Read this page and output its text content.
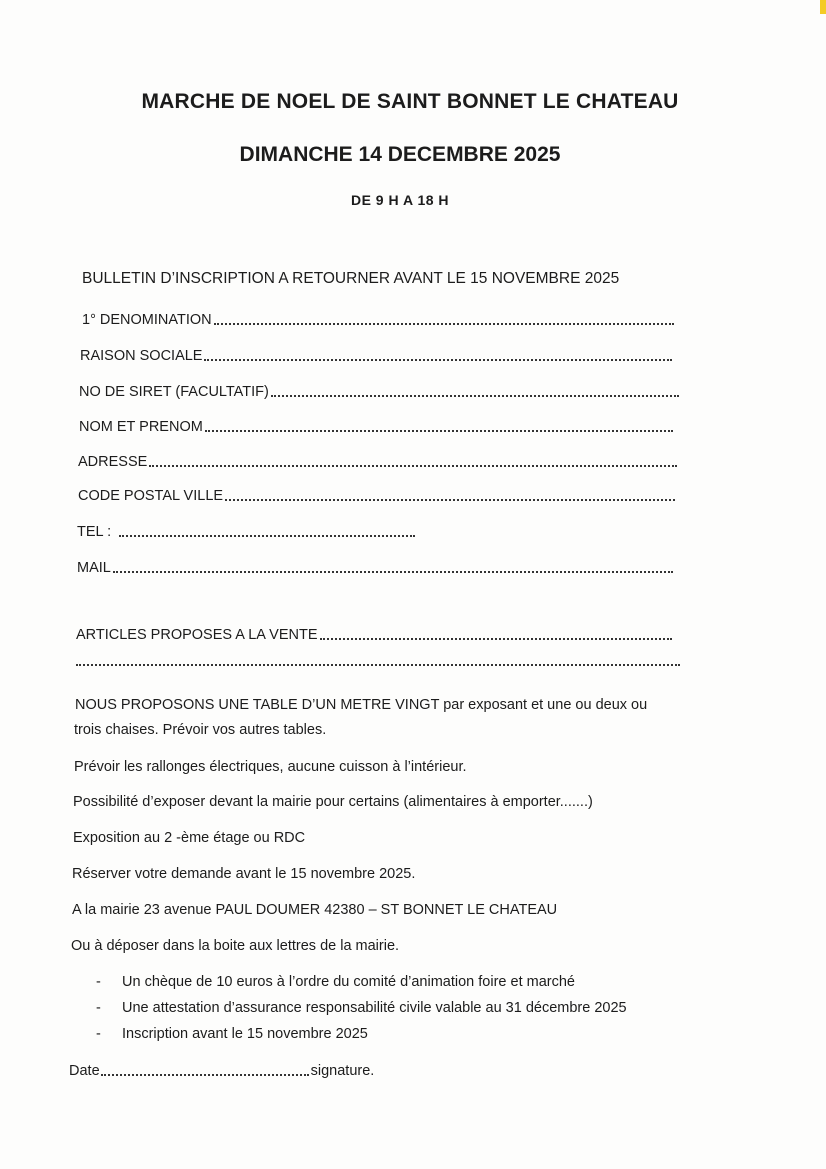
MARCHE DE NOEL DE SAINT BONNET LE CHATEAU
DIMANCHE 14 DECEMBRE 2025
DE 9 H A 18 H
BULLETIN D’INSCRIPTION A RETOURNER AVANT LE 15 NOVEMBRE 2025
1° DENOMINATION
RAISON SOCIALE
NO DE SIRET (FACULTATIF)
NOM ET PRENOM
ADRESSE
CODE POSTAL VILLE
TEL :
MAIL
ARTICLES PROPOSES A LA VENTE
NOUS PROPOSONS UNE TABLE D’UN METRE VINGT par exposant et une ou deux ou
trois chaises. Prévoir vos autres tables.
Prévoir les rallonges électriques, aucune cuisson à l’intérieur.
Possibilité d’exposer devant la mairie pour certains (alimentaires à emporter.......)
Exposition au 2 -ème étage ou RDC
Réserver votre demande avant le 15 novembre 2025.
A la mairie 23 avenue PAUL DOUMER 42380 – ST BONNET LE CHATEAU
Ou à déposer dans la boite aux lettres de la mairie.
- Un chèque de 10 euros à l’ordre du comité d’animation foire et marché
- Une attestation d’assurance responsabilité civile valable au 31 décembre 2025
- Inscription avant le 15 novembre 2025
Date	signature.
